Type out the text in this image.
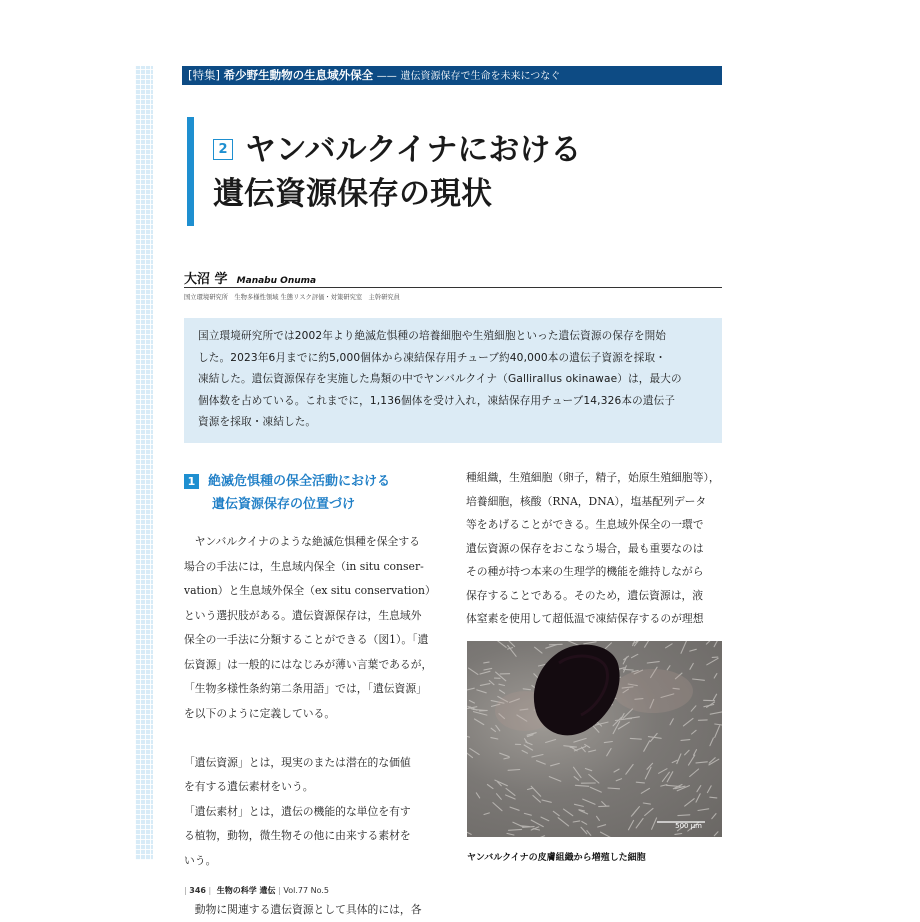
[特集] 希少野生動物の生息域外保全 —— 遺伝資源保存で生命を未来につなぐ
2 ヤンバルクイナにおける
遺伝資源保存の現状
大沼 学 Manabu Onuma
国立環境研究所　生物多様性領域 生態リスク評価・対策研究室　主幹研究員
国立環境研究所では2002年より絶滅危惧種の培養細胞や生殖細胞といった遺伝資源の保存を開始
した。2023年6月までに約5,000個体から凍結保存用チューブ約40,000本の遺伝子資源を採取・
凍結した。遺伝資源保存を実施した鳥類の中でヤンバルクイナ（Gallirallus okinawae）は，最大の
個体数を占めている。これまでに，1,136個体を受け入れ，凍結保存用チューブ14,326本の遺伝子
資源を採取・凍結した。
1 絶滅危惧種の保全活動における
遺伝資源保存の位置づけ
　ヤンバルクイナのような絶滅危惧種を保全する
場合の手法には，生息域内保全（in situ conser-
vation）と生息域外保全（ex situ conservation）
という選択肢がある。遺伝資源保存は，生息域外
保全の一手法に分類することができる（図1）。「遺
伝資源」は一般的にはなじみが薄い言葉であるが，
「生物多様性条約第二条用語」では，「遺伝資源」
を以下のように定義している。
「遺伝資源」とは，現実のまたは潜在的な価値
を有する遺伝素材をいう。
「遺伝素材」とは，遺伝の機能的な単位を有す
る植物，動物，微生物その他に由来する素材を
いう。
　動物に関連する遺伝資源として具体的には，各
種組織，生殖細胞（卵子，精子，始原生殖細胞等），
培養細胞，核酸（RNA，DNA），塩基配列データ
等をあげることができる。生息域外保全の一環で
遺伝資源の保存をおこなう場合，最も重要なのは
その種が持つ本来の生理学的機能を維持しながら
保存することである。そのため，遺伝資源は，液
体窒素を使用して超低温で凍結保存するのが理想
500 μm
ヤンバルクイナの皮膚組織から増殖した細胞
| 346 | 生物の科学 遺伝 | Vol.77 No.5
